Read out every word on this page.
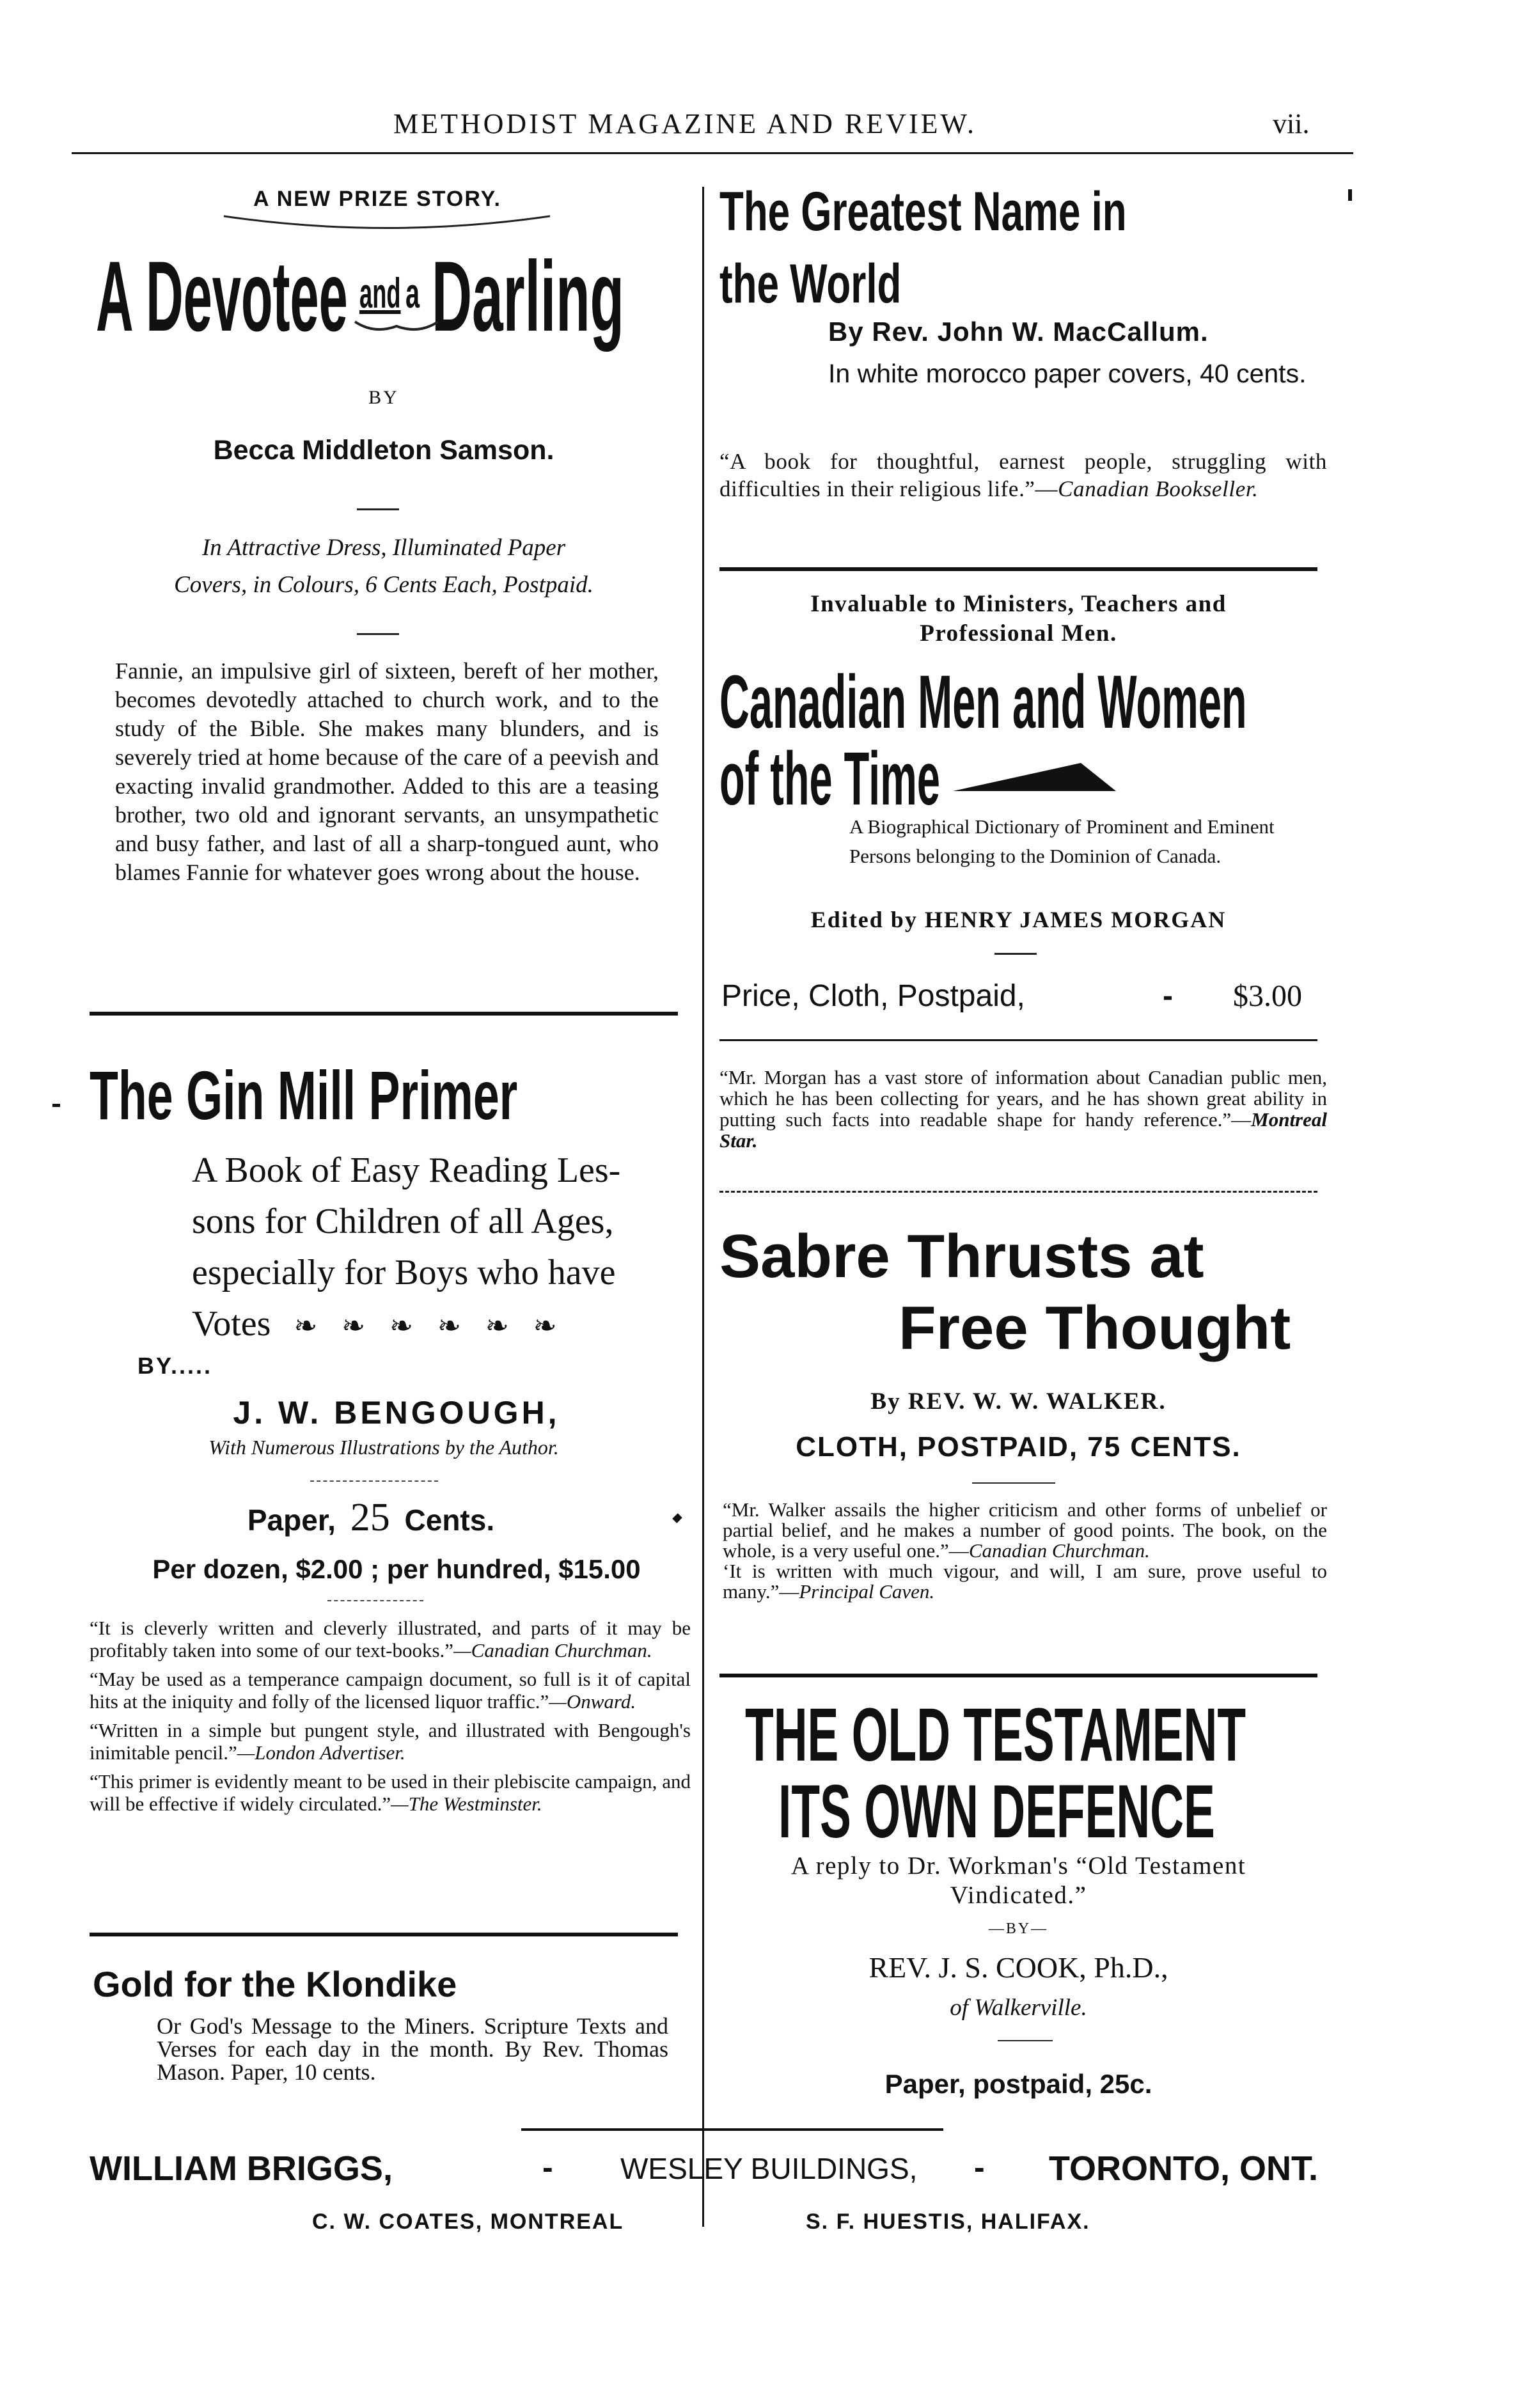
METHODIST MAGAZINE AND REVIEW.	vii.
A NEW PRIZE STORY.
A Devotee and a Darling
BY
Becca Middleton Samson.
In Attractive Dress, Illuminated Paper
Covers, in Colours, 6 Cents Each, Postpaid.

Fannie, an impulsive girl of sixteen, bereft of her mother, becomes devotedly attached to church work, and to the study of the Bible. She makes many blunders, and is severely tried at home because of the care of a peevish and exacting invalid grandmother. Added to this are a teasing brother, two old and ignorant servants, an unsympathetic and busy father, and last of all a sharp-tongued aunt, who blames Fannie for whatever goes wrong about the house.

The Gin Mill Primer
A Book of Easy Reading Les-
sons for Children of all Ages,
especially for Boys who have
Votes ❧ ❧ ❧ ❧ ❧ ❧
BY.....
J. W. BENGOUGH,
With Numerous Illustrations by the Author.
Paper, 25 Cents.
Per dozen, $2.00 ; per hundred, $15.00

“It is cleverly written and cleverly illustrated, and parts of it may be profitably taken into some of our text-books.”—Canadian Churchman.

“May be used as a temperance campaign document, so full is it of capital hits at the iniquity and folly of the licensed liquor traffic.”—Onward.

“Written in a simple but pungent style, and illustrated with Bengough's inimitable pencil.”—London Advertiser.

“This primer is evidently meant to be used in their plebiscite campaign, and will be effective if widely circulated.”—The Westminster.

Gold for the Klondike

Or God's Message to the Miners. Scripture Texts and Verses for each day in the month. By Rev. Thomas Mason. Paper, 10 cents.

The Greatest Name in
the World
By Rev. John W. MacCallum.

In white morocco paper covers, 40 cents.

“A book for thoughtful, earnest people, struggling with difficulties in their religious life.”—Canadian Bookseller.

Invaluable to Ministers, Teachers and
Professional Men.
Canadian Men and Women
of the Time

A Biographical Dictionary of Prominent and Eminent Persons belonging to the Dominion of Canada.

Edited by HENRY JAMES MORGAN
Price, Cloth, Postpaid,	- $3.00

“Mr. Morgan has a vast store of information about Canadian public men, which he has been collecting for years, and he has shown great ability in putting such facts into readable shape for handy reference.”—Montreal Star.

Sabre Thrusts at
Free Thought
By REV. W. W. WALKER.
CLOTH, POSTPAID, 75 CENTS.

“Mr. Walker assails the higher criticism and other forms of unbelief or partial belief, and he makes a number of good points. The book, on the whole, is a very useful one.”—Canadian Churchman.

‘It is written with much vigour, and will, I am sure, prove useful to many.”—Principal Caven.

THE OLD TESTAMENT
ITS OWN DEFENCE
A reply to Dr. Workman's “Old Testament
Vindicated.”
—BY—
REV. J. S. COOK, Ph.D.,
of Walkerville.
Paper, postpaid, 25c.
WILLIAM BRIGGS,	- WESLEY BUILDINGS, - TORONTO, ONT.
C. W. COATES, MONTREAL	S. F. HUESTIS, HALIFAX.
